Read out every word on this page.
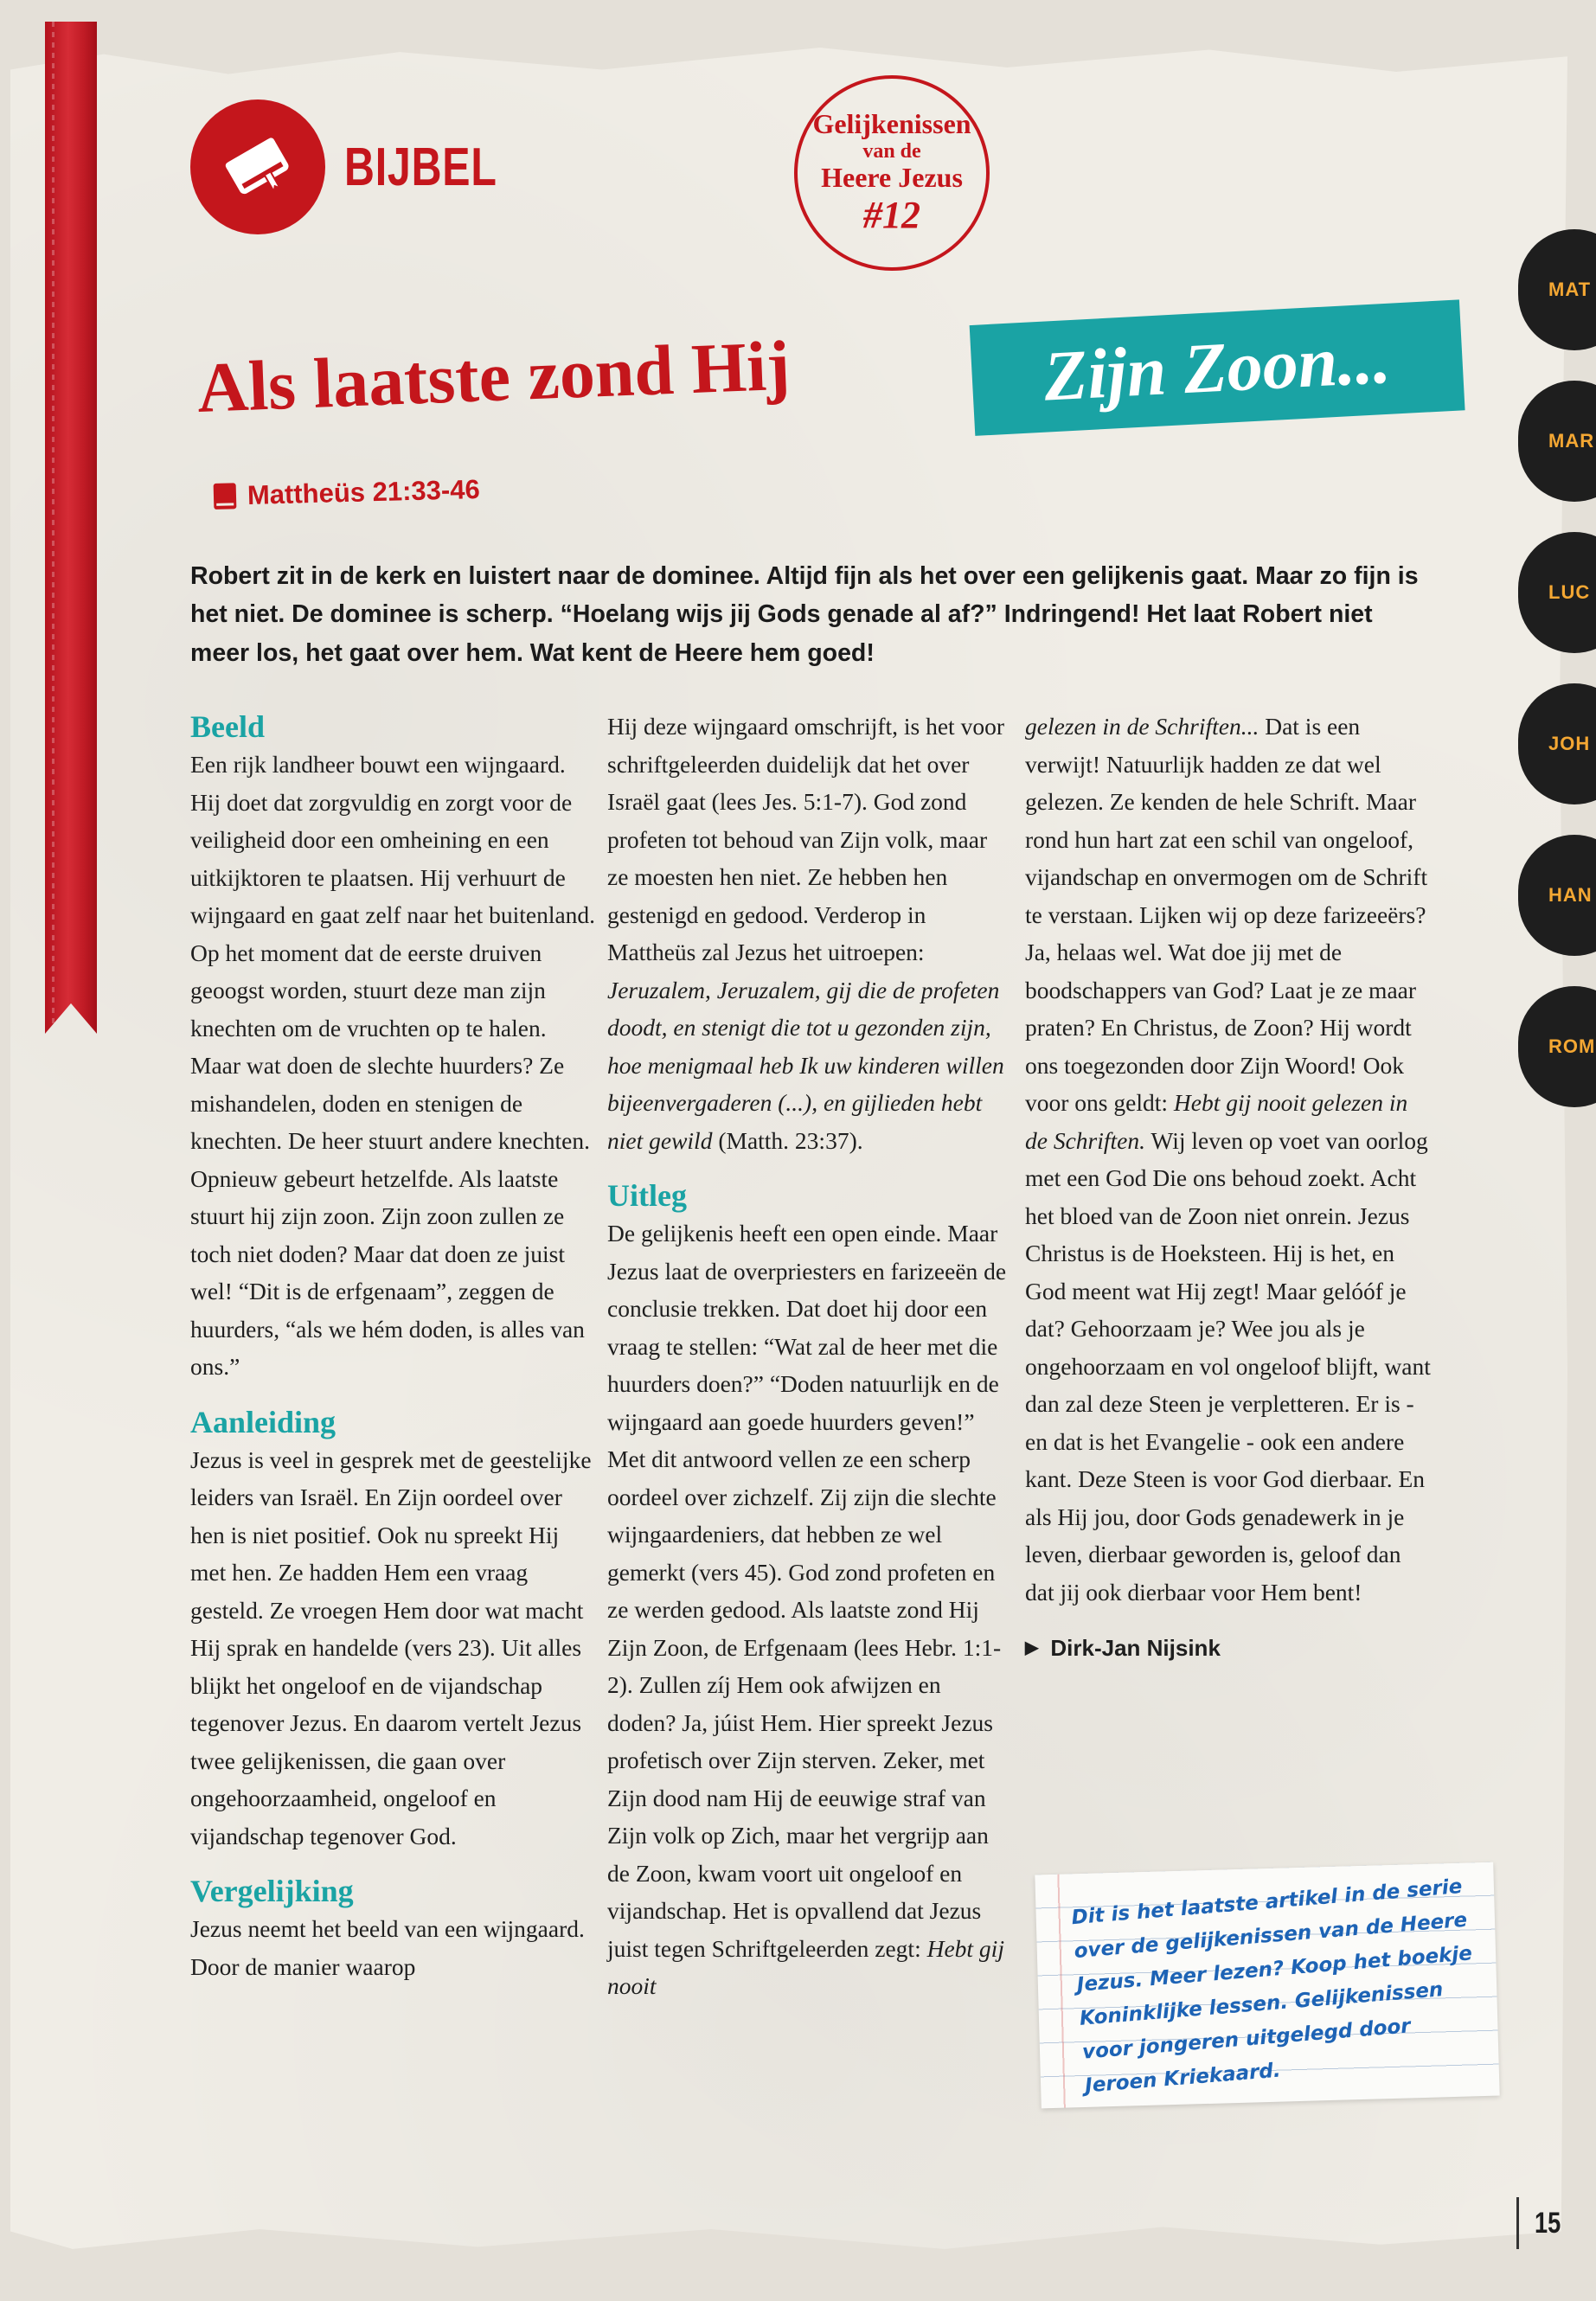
BIJBEL
Gelijkenissen
van de
Heere Jezus
#12
Als laatste zond Hij	Zijn Zoon...
Mattheüs 21:33-46
Robert zit in de kerk en luistert naar de dominee. Altijd fijn als het over een gelijkenis gaat. Maar zo fijn is het niet. De dominee is scherp. “Hoelang wijs jij Gods genade al af?” Indringend! Het laat Robert niet meer los, het gaat over hem. Wat kent de Heere hem goed!
Beeld

Een rijk landheer bouwt een wijngaard. Hij doet dat zorgvuldig en zorgt voor de veiligheid door een omheining en een uitkijktoren te plaatsen. Hij verhuurt de wijngaard en gaat zelf naar het buitenland. Op het moment dat de eerste druiven geoogst worden, stuurt deze man zijn knechten om de vruchten op te halen. Maar wat doen de slechte huurders? Ze mishandelen, doden en stenigen de knechten. De heer stuurt andere knechten. Opnieuw gebeurt hetzelfde. Als laatste stuurt hij zijn zoon. Zijn zoon zullen ze toch niet doden? Maar dat doen ze juist wel! “Dit is de erfgenaam”, zeggen de huurders, “als we hém doden, is alles van ons.”

Aanleiding

Jezus is veel in gesprek met de geestelijke leiders van Israël. En Zijn oordeel over hen is niet positief. Ook nu spreekt Hij met hen. Ze hadden Hem een vraag gesteld. Ze vroegen Hem door wat macht Hij sprak en handelde (vers 23). Uit alles blijkt het ongeloof en de vijandschap tegenover Jezus. En daarom vertelt Jezus twee gelijkenissen, die gaan over ongehoorzaamheid, ongeloof en vijandschap tegenover God.

Vergelijking

Jezus neemt het beeld van een wijngaard. Door de manier waarop

Hij deze wijngaard omschrijft, is het voor schriftgeleerden duidelijk dat het over Israël gaat (lees Jes. 5:1-7). God zond profeten tot behoud van Zijn volk, maar ze moesten hen niet. Ze hebben hen gestenigd en gedood. Verderop in Mattheüs zal Jezus het uitroepen: Jeruzalem, Jeruzalem, gij die de profeten doodt, en stenigt die tot u gezonden zijn, hoe menigmaal heb Ik uw kinderen willen bijeenvergaderen (...), en gijlieden hebt niet gewild (Matth. 23:37).

Uitleg

De gelijkenis heeft een open einde. Maar Jezus laat de overpriesters en farizeeën de conclusie trekken. Dat doet hij door een vraag te stellen: “Wat zal de heer met die huurders doen?” “Doden natuurlijk en de wijngaard aan goede huurders geven!” Met dit antwoord vellen ze een scherp oordeel over zichzelf. Zij zijn die slechte wijngaardeniers, dat hebben ze wel gemerkt (vers 45). God zond profeten en ze werden gedood. Als laatste zond Hij Zijn Zoon, de Erfgenaam (lees Hebr. 1:1-2). Zullen zíj Hem ook afwijzen en doden? Ja, júist Hem. Hier spreekt Jezus profetisch over Zijn sterven. Zeker, met Zijn dood nam Hij de eeuwige straf van Zijn volk op Zich, maar het vergrijp aan de Zoon, kwam voort uit ongeloof en vijandschap. Het is opvallend dat Jezus juist tegen Schriftgeleerden zegt: Hebt gij nooit

gelezen in de Schriften... Dat is een verwijt! Natuurlijk hadden ze dat wel gelezen. Ze kenden de hele Schrift. Maar rond hun hart zat een schil van ongeloof, vijandschap en onvermogen om de Schrift te verstaan. Lijken wij op deze farizeeërs? Ja, helaas wel. Wat doe jij met de boodschappers van God? Laat je ze maar praten? En Christus, de Zoon? Hij wordt ons toegezonden door Zijn Woord! Ook voor ons geldt: Hebt gij nooit gelezen in de Schriften. Wij leven op voet van oorlog met een God Die ons behoud zoekt. Acht het bloed van de Zoon niet onrein. Jezus Christus is de Hoeksteen. Hij is het, en God meent wat Hij zegt! Maar gelóóf je dat? Gehoorzaam je? Wee jou als je ongehoorzaam en vol ongeloof blijft, want dan zal deze Steen je verpletteren. Er is - en dat is het Evangelie - ook een andere kant. Deze Steen is voor God dierbaar. En als Hij jou, door Gods genadewerk in je leven, dierbaar geworden is, geloof dan dat jij ook dierbaar voor Hem bent!

▶ Dirk-Jan Nijsink
Dit is het laatste artikel in de serie over de gelijkenissen van de Heere Jezus. Meer lezen? Koop het boekje Koninklijke lessen. Gelijkenissen voor jongeren uitgelegd door Jeroen Kriekaard.
MAT
MAR
LUC
JOH
HAN
ROM
15
